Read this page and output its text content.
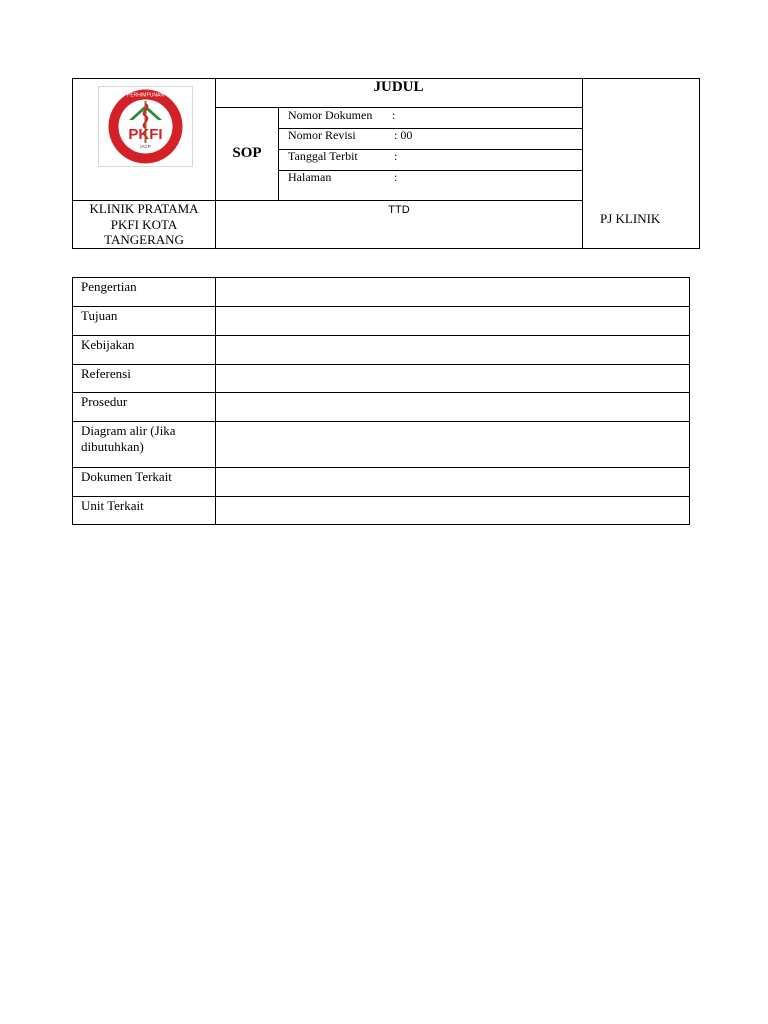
PERHIMPUNAN
PKFI
IACP
JUDUL
SOP
Nomor Dokumen :
Nomor Revisi	: 00
Tanggal Terbit	:
Halaman	:
KLINIK PRATAMA
PKFI KOTA
TANGERANG
TTD
PJ KLINIK
Pengertian
Tujuan
Kebijakan
Referensi
Prosedur
Diagram alir (Jika
dibutuhkan)
Dokumen Terkait
Unit Terkait
